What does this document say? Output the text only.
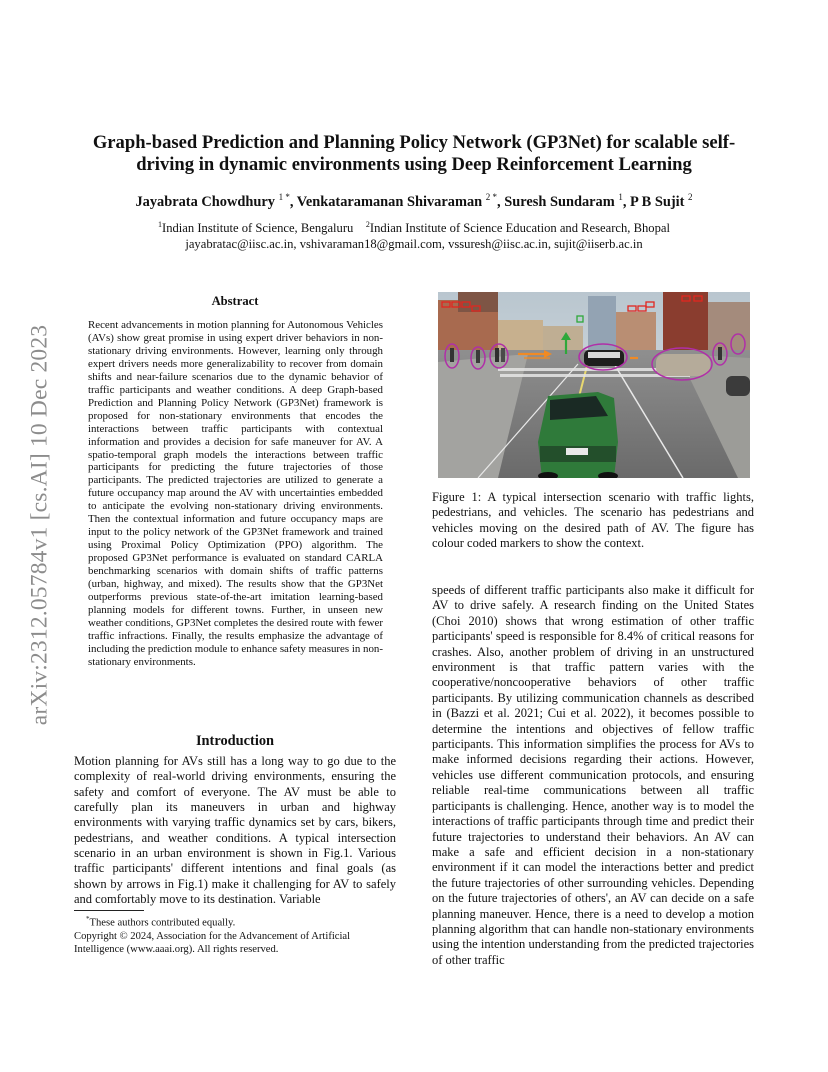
arXiv:2312.05784v1 [cs.AI] 10 Dec 2023
Graph-based Prediction and Planning Policy Network (GP3Net) for scalable self-driving in dynamic environments using Deep Reinforcement Learning
Jayabrata Chowdhury $^{1 *}$, Venkataramanan Shivaraman $^{2 *}$, Suresh Sundaram $^1$, P B Sujit $^2$
$^1$Indian Institute of Science, Bengaluru $^2$Indian Institute of Science Education and Research, Bhopal
jayabratac@iisc.ac.in, vshivaraman18@gmail.com, vssuresh@iisc.ac.in, sujit@iiserb.ac.in
Abstract
Recent advancements in motion planning for Autonomous Vehicles (AVs) show great promise in using expert driver behaviors in non-stationary driving environments. However, learning only through expert drivers needs more generalizability to recover from domain shifts and near-failure scenarios due to the dynamic behavior of traffic participants and weather conditions. A deep Graph-based Prediction and Planning Policy Network (GP3Net) framework is proposed for non-stationary environments that encodes the interactions between traffic participants with contextual information and provides a decision for safe maneuver for AV. A spatio-temporal graph models the interactions between traffic participants for predicting the future trajectories of those participants. The predicted trajectories are utilized to generate a future occupancy map around the AV with uncertainties embedded to anticipate the evolving non-stationary driving environments. Then the contextual information and future occupancy maps are input to the policy network of the GP3Net framework and trained using Proximal Policy Optimization (PPO) algorithm. The proposed GP3Net performance is evaluated on standard CARLA benchmarking scenarios with domain shifts of traffic patterns (urban, highway, and mixed). The results show that the GP3Net outperforms previous state-of-the-art imitation learning-based planning models for different towns. Further, in unseen new weather conditions, GP3Net completes the desired route with fewer traffic infractions. Finally, the results emphasize the advantage of including the prediction module to enhance safety measures in non-stationary environments.
Introduction
Motion planning for AVs still has a long way to go due to the complexity of real-world driving environments, ensuring the safety and comfort of everyone. The AV must be able to carefully plan its maneuvers in urban and highway environments with varying traffic dynamics set by cars, bikers, pedestrians, and weather conditions. A typical intersection scenario in an urban environment is shown in Fig.1. Various traffic participants' different intentions and final goals (as shown by arrows in Fig.1) make it challenging for AV to safely and comfortably move to its destination. Variable

*These authors contributed equally.

Copyright © 2024, Association for the Advancement of Artificial Intelligence (www.aaai.org). All rights reserved.

Figure 1: A typical intersection scenario with traffic lights, pedestrians, and vehicles. The scenario has pedestrians and vehicles moving on the desired path of AV. The figure has colour coded markers to show the context.
speeds of different traffic participants also make it difficult for AV to drive safely. A research finding on the United States (Choi 2010) shows that wrong estimation of other traffic participants' speed is responsible for 8.4% of critical reasons for crashes. Also, another problem of driving in an unstructured environment is that traffic pattern varies with the cooperative/noncooperative behaviors of other traffic participants. By utilizing communication channels as described in (Bazzi et al. 2021; Cui et al. 2022), it becomes possible to determine the intentions and objectives of fellow traffic participants. This information simplifies the process for AVs to make informed decisions regarding their actions. However, vehicles use different communication protocols, and ensuring reliable real-time communications between all traffic participants is challenging. Hence, another way is to model the interactions of traffic participants through time and predict their future trajectories to understand their behaviors. An AV can make a safe and efficient decision in a non-stationary environment if it can model the interactions better and predict the future trajectories of other surrounding vehicles. Depending on the future trajectories of others', an AV can decide on a safe planning maneuver. Hence, there is a need to develop a motion planning algorithm that can handle non-stationary environments using the intention understanding from the predicted trajectories of other traffic
